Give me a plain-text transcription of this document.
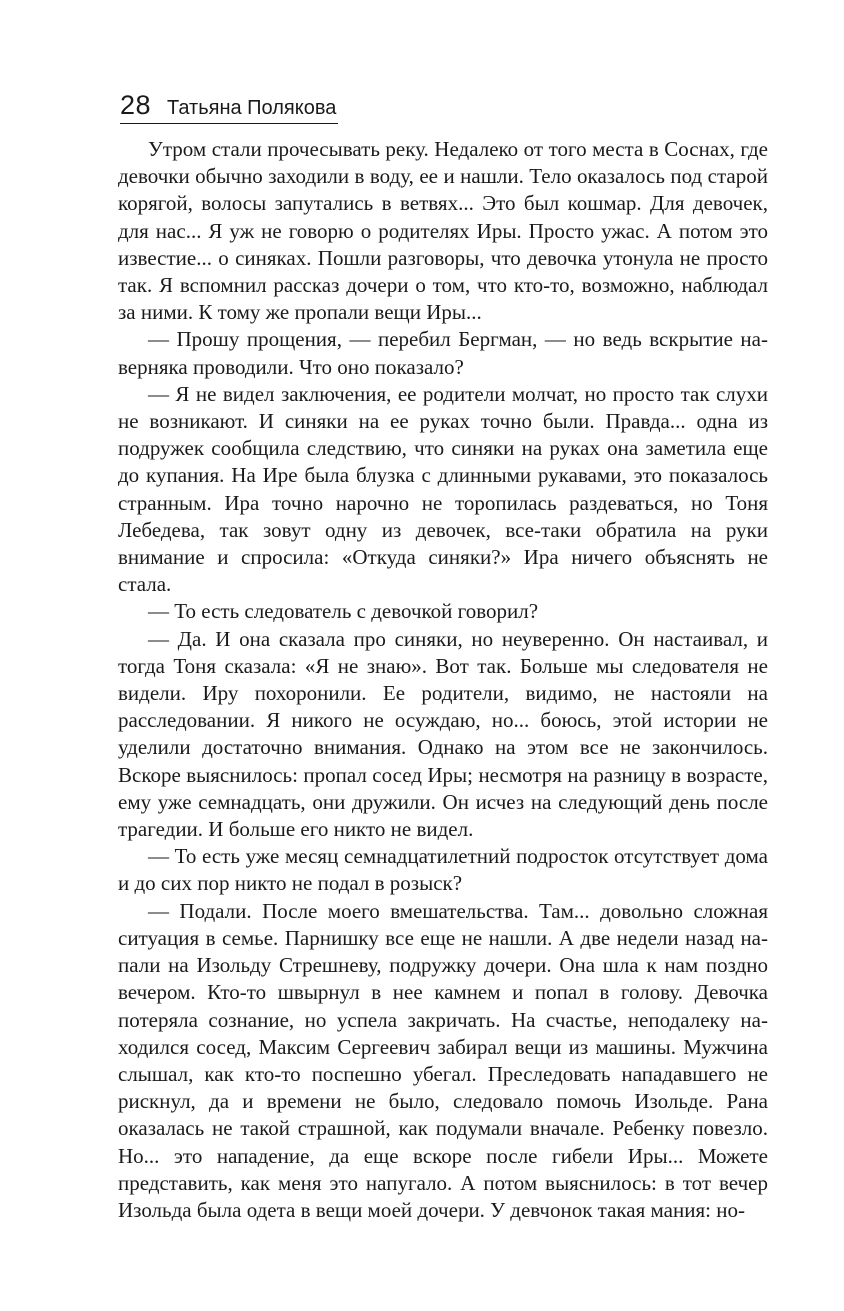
28 Татьяна Полякова

Утром стали прочесывать реку. Недалеко от того места в Соснах, где девочки обычно заходили в воду, ее и нашли. Тело оказалось под старой корягой, волосы запутались в ветвях... Это был кошмар. Для девочек, для нас... Я уж не говорю о родителях Иры. Просто ужас. А потом это известие... о синяках. Пошли разговоры, что девочка утонула не просто так. Я вспомнил рассказ дочери о том, что кто-то, возможно, наблюдал за ними. К тому же пропали вещи Иры...

— Прошу прощения, — перебил Бергман, — но ведь вскрытие наверняка проводили. Что оно показало?

— Я не видел заключения, ее родители молчат, но просто так слухи не возникают. И синяки на ее руках точно были. Правда... одна из подружек сообщила следствию, что синяки на руках она заметила еще до купания. На Ире была блузка с длинными рукавами, это показалось странным. Ира точно нарочно не торопилась раздеваться, но Тоня Лебедева, так зовут одну из девочек, все-таки обратила на руки внимание и спросила: «Откуда синяки?» Ира ничего объяснять не стала.

— То есть следователь с девочкой говорил?

— Да. И она сказала про синяки, но неуверенно. Он настаивал, и тогда Тоня сказала: «Я не знаю». Вот так. Больше мы следователя не видели. Иру похоронили. Ее родители, видимо, не настояли на расследовании. Я никого не осуждаю, но... боюсь, этой истории не уделили достаточно внимания. Однако на этом все не закончилось. Вскоре выяснилось: пропал сосед Иры; несмотря на разницу в возрасте, ему уже семнадцать, они дружили. Он исчез на следующий день после трагедии. И больше его никто не видел.

— То есть уже месяц семнадцатилетний подросток отсутствует дома и до сих пор никто не подал в розыск?

— Подали. После моего вмешательства. Там... довольно сложная ситуация в семье. Парнишку все еще не нашли. А две недели назад напали на Изольду Стрешневу, подружку дочери. Она шла к нам поздно вечером. Кто-то швырнул в нее камнем и попал в голову. Девочка потеряла сознание, но успела закричать. На счастье, неподалеку находился сосед, Максим Сергеевич забирал вещи из машины. Мужчина слышал, как кто-то поспешно убегал. Преследовать нападавшего не рискнул, да и времени не было, следовало помочь Изольде. Рана оказалась не такой страшной, как подумали вначале. Ребенку повезло. Но... это нападение, да еще вскоре после гибели Иры... Можете представить, как меня это напугало. А потом выяснилось: в тот вечер Изольда была одета в вещи моей дочери. У девчонок такая мания: но-
